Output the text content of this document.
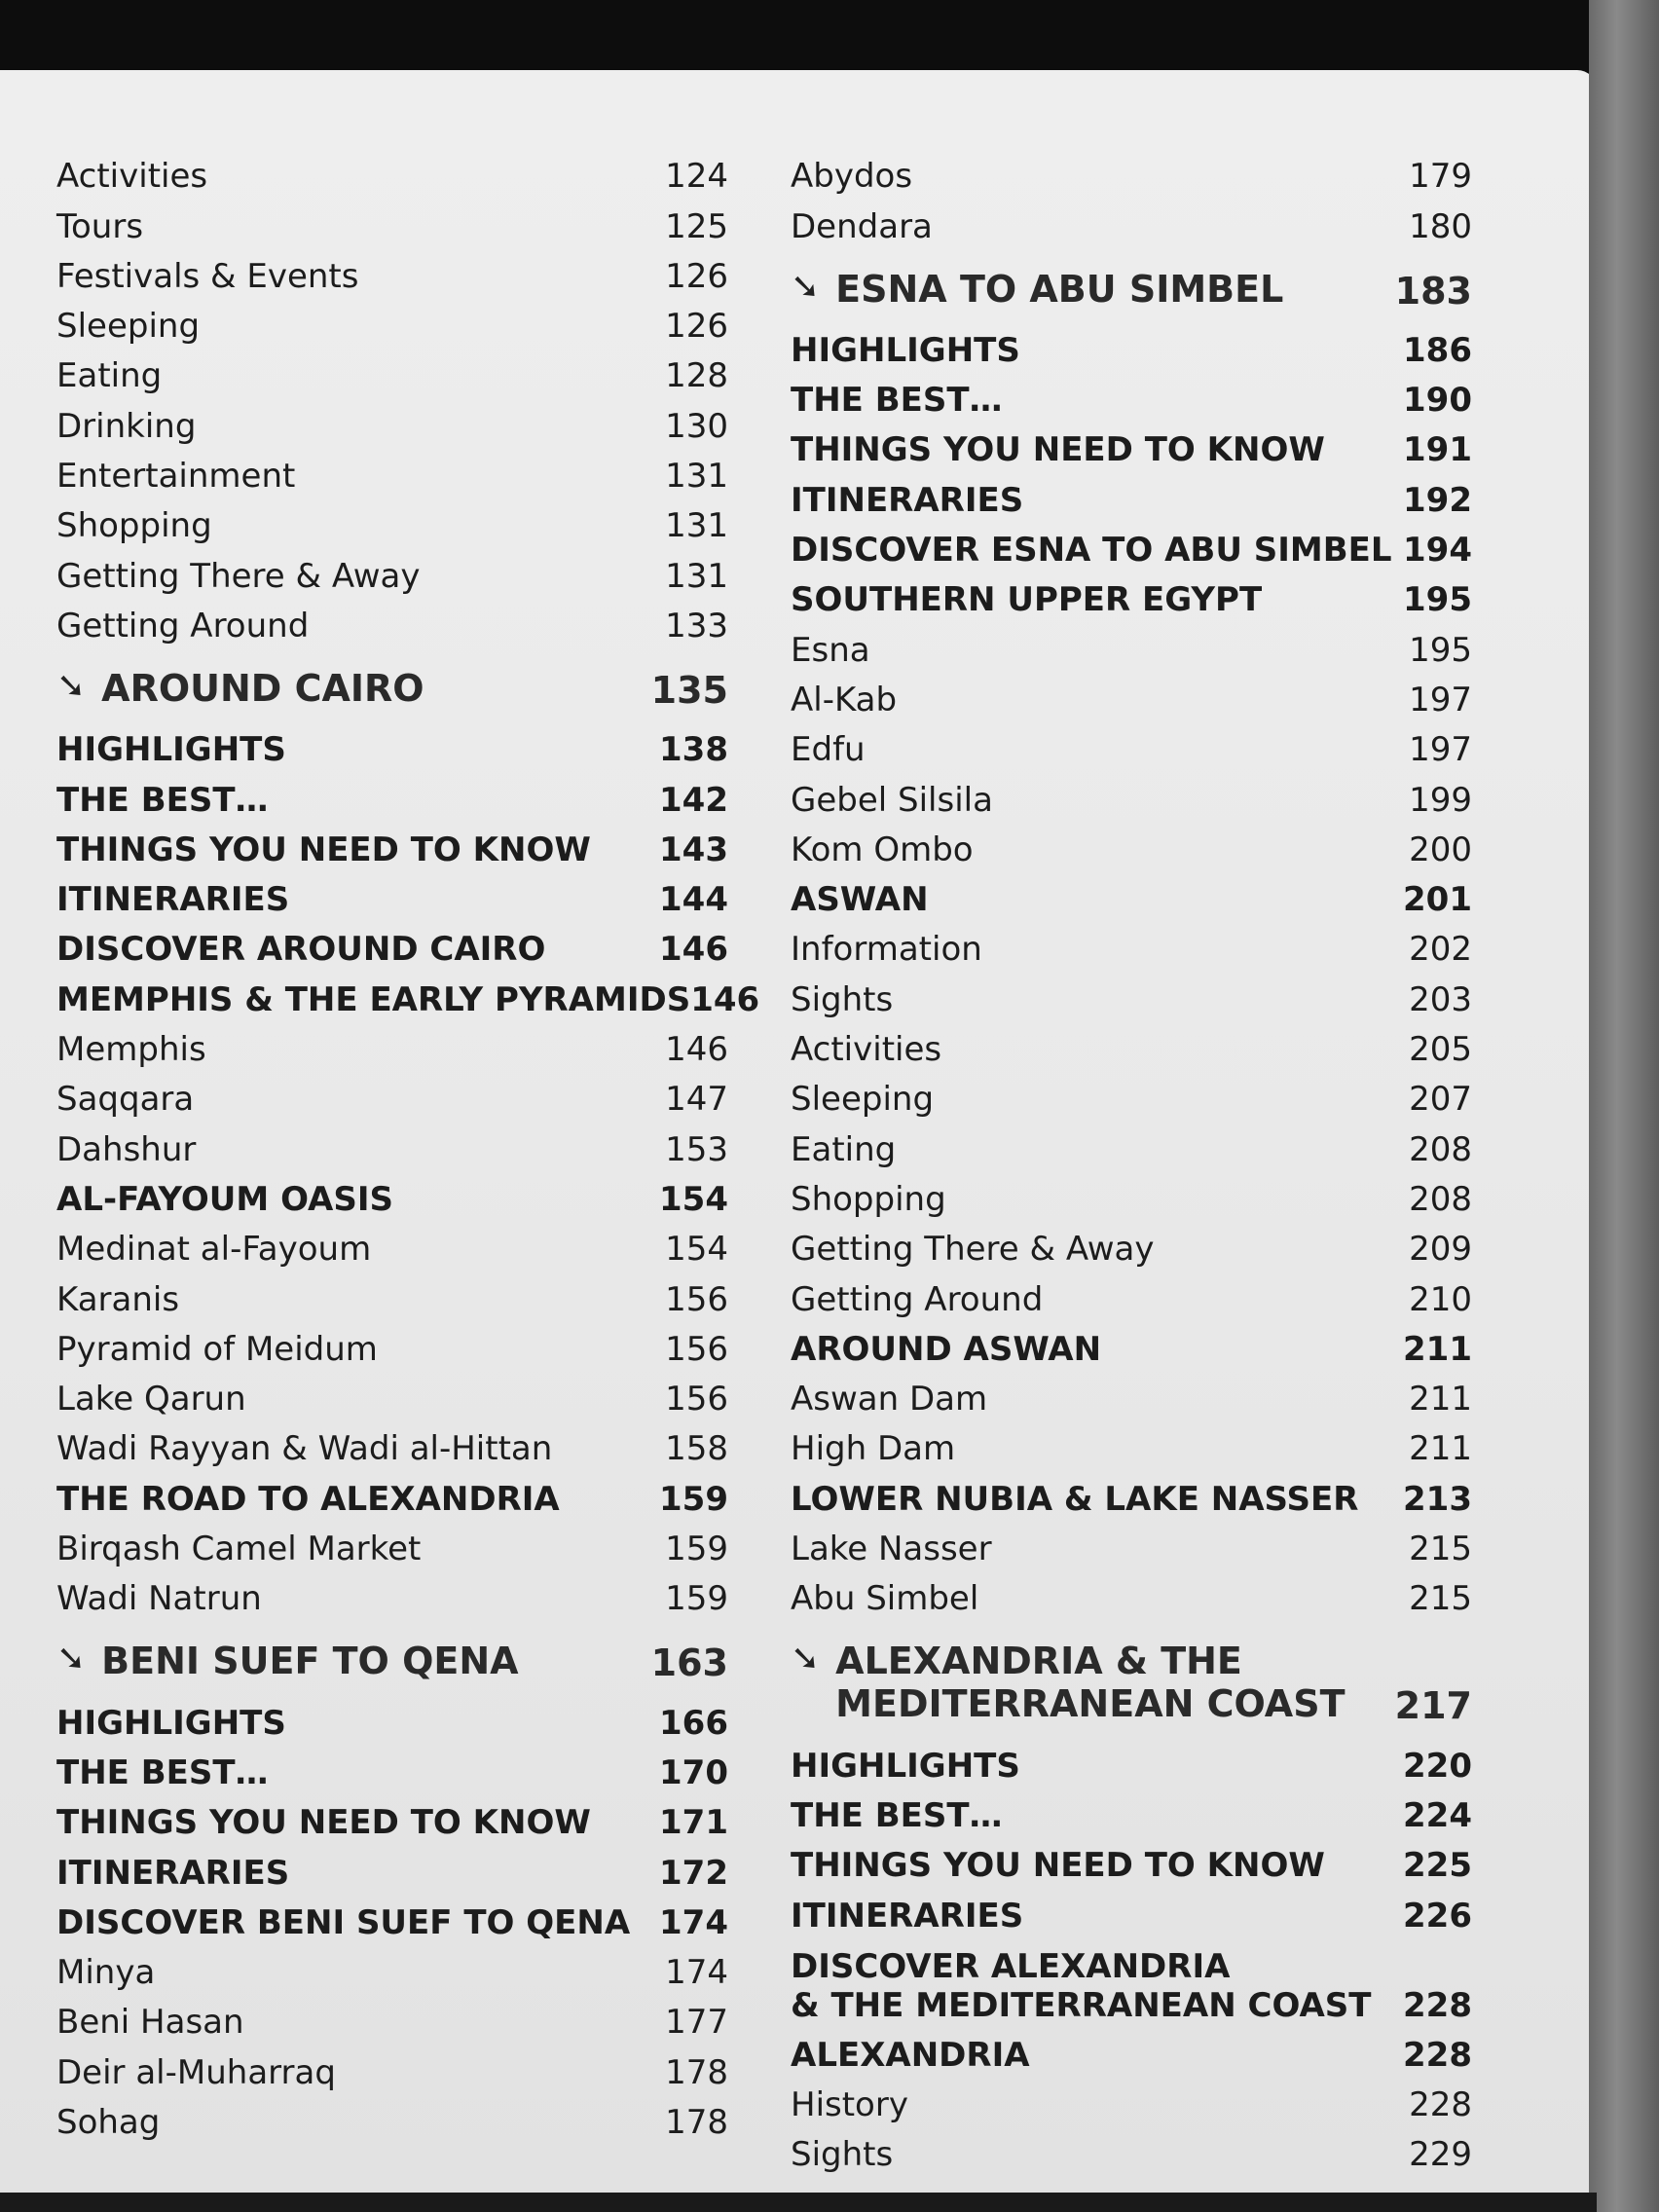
Activities	124
Tours	125
Festivals & Events	126
Sleeping	126
Eating	128
Drinking	130
Entertainment	131
Shopping	131
Getting There & Away	131
Getting Around	133
➘ AROUND CAIRO	135
HIGHLIGHTS	138
THE BEST…	142
THINGS YOU NEED TO KNOW 143
ITINERARIES	144
DISCOVER AROUND CAIRO	146
MEMPHIS & THE EARLY PYRAMIDS 146
Memphis	146
Saqqara	147
Dahshur	153
AL-FAYOUM OASIS	154
Medinat al-Fayoum	154
Karanis	156
Pyramid of Meidum	156
Lake Qarun	156
Wadi Rayyan & Wadi al-Hittan	158
THE ROAD TO ALEXANDRIA	159
Birqash Camel Market	159
Wadi Natrun	159
➘ BENI SUEF TO QENA	163
HIGHLIGHTS	166
THE BEST…	170
THINGS YOU NEED TO KNOW 171
ITINERARIES	172
DISCOVER BENI SUEF TO QENA 174
Minya	174
Beni Hasan	177
Deir al-Muharraq	178
Sohag	178
Abydos	179
Dendara	180
➘ ESNA TO ABU SIMBEL	183
HIGHLIGHTS	186
THE BEST…	190
THINGS YOU NEED TO KNOW 191
ITINERARIES	192
DISCOVER ESNA TO ABU SIMBEL 194
SOUTHERN UPPER EGYPT	195
Esna	195
Al-Kab	197
Edfu	197
Gebel Silsila	199
Kom Ombo	200
ASWAN	201
Information	202
Sights	203
Activities	205
Sleeping	207
Eating	208
Shopping	208
Getting There & Away	209
Getting Around	210
AROUND ASWAN	211
Aswan Dam	211
High Dam	211
LOWER NUBIA & LAKE NASSER 213
Lake Nasser	215
Abu Simbel	215
➘ ALEXANDRIA & THE
MEDITERRANEAN COAST 217
HIGHLIGHTS	220
THE BEST…	224
THINGS YOU NEED TO KNOW 225
ITINERARIES	226
DISCOVER ALEXANDRIA
& THE MEDITERRANEAN COAST 228
ALEXANDRIA	228
History	228
Sights	229
